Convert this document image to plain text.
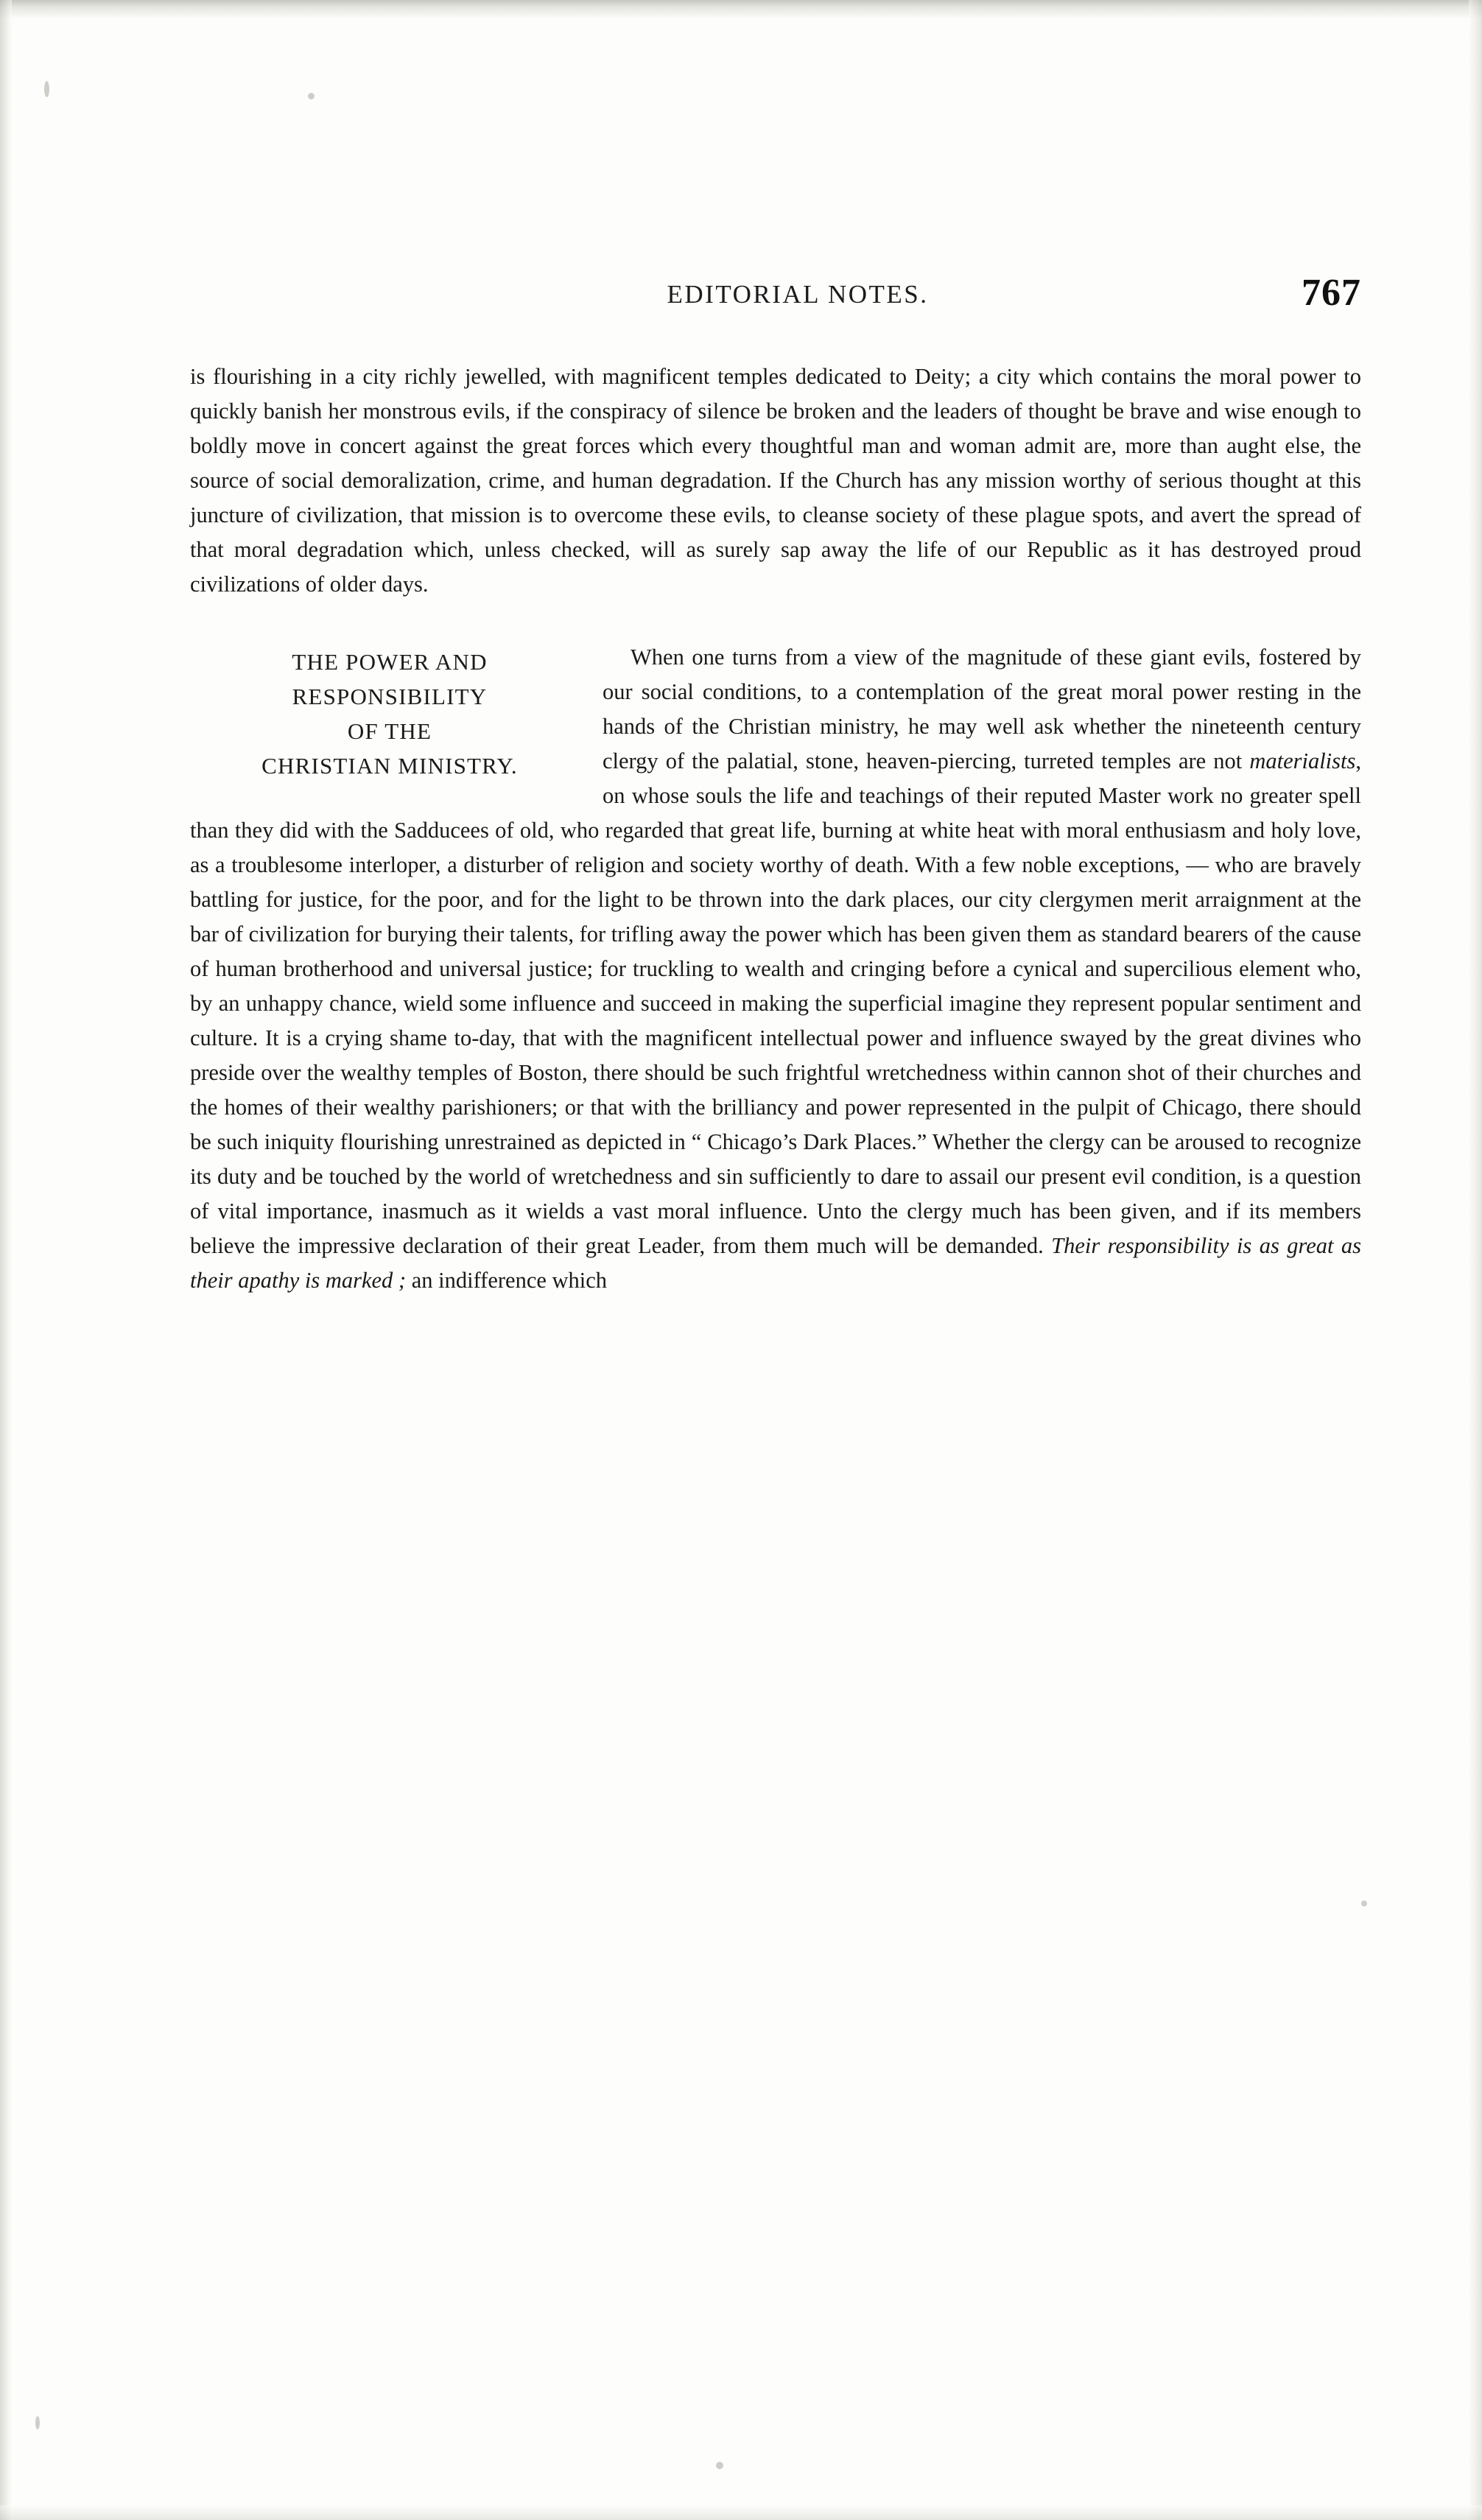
EDITORIAL NOTES.	767

is flourishing in a city richly jewelled, with magnificent temples dedicated to Deity; a city which contains the moral power to quickly banish her monstrous evils, if the conspiracy of silence be broken and the leaders of thought be brave and wise enough to boldly move in concert against the great forces which every thoughtful man and woman admit are, more than aught else, the source of social demoralization, crime, and human degradation. If the Church has any mission worthy of serious thought at this juncture of civilization, that mission is to overcome these evils, to cleanse society of these plague spots, and avert the spread of that moral degradation which, unless checked, will as surely sap away the life of our Republic as it has destroyed proud civilizations of older days.

THE POWER AND
RESPONSIBILITY
OF THE
CHRISTIAN MINISTRY.

When one turns from a view of the magnitude of these giant evils, fostered by our social conditions, to a contemplation of the great moral power resting in the hands of the Christian ministry, he may well ask whether the nineteenth century clergy of the palatial, stone, heaven-piercing, turreted temples are not materialists, on whose souls the life and teachings of their reputed Master work no greater spell than they did with the Sadducees of old, who regarded that great life, burning at white heat with moral enthusiasm and holy love, as a troublesome interloper, a disturber of religion and society worthy of death. With a few noble exceptions, — who are bravely battling for justice, for the poor, and for the light to be thrown into the dark places, our city clergymen merit arraignment at the bar of civilization for burying their talents, for trifling away the power which has been given them as standard bearers of the cause of human brotherhood and universal justice; for truckling to wealth and cringing before a cynical and supercilious element who, by an unhappy chance, wield some influence and succeed in making the superficial imagine they represent popular sentiment and culture. It is a crying shame to-day, that with the magnificent intellectual power and influence swayed by the great divines who preside over the wealthy temples of Boston, there should be such frightful wretchedness within cannon shot of their churches and the homes of their wealthy parishioners; or that with the brilliancy and power represented in the pulpit of Chicago, there should be such iniquity flourishing unrestrained as depicted in “ Chicago’s Dark Places.” Whether the clergy can be aroused to recognize its duty and be touched by the world of wretchedness and sin sufficiently to dare to assail our present evil condition, is a question of vital importance, inasmuch as it wields a vast moral influence. Unto the clergy much has been given, and if its members believe the impressive declaration of their great Leader, from them much will be demanded. Their responsibility is as great as their apathy is marked ; an indifference which
